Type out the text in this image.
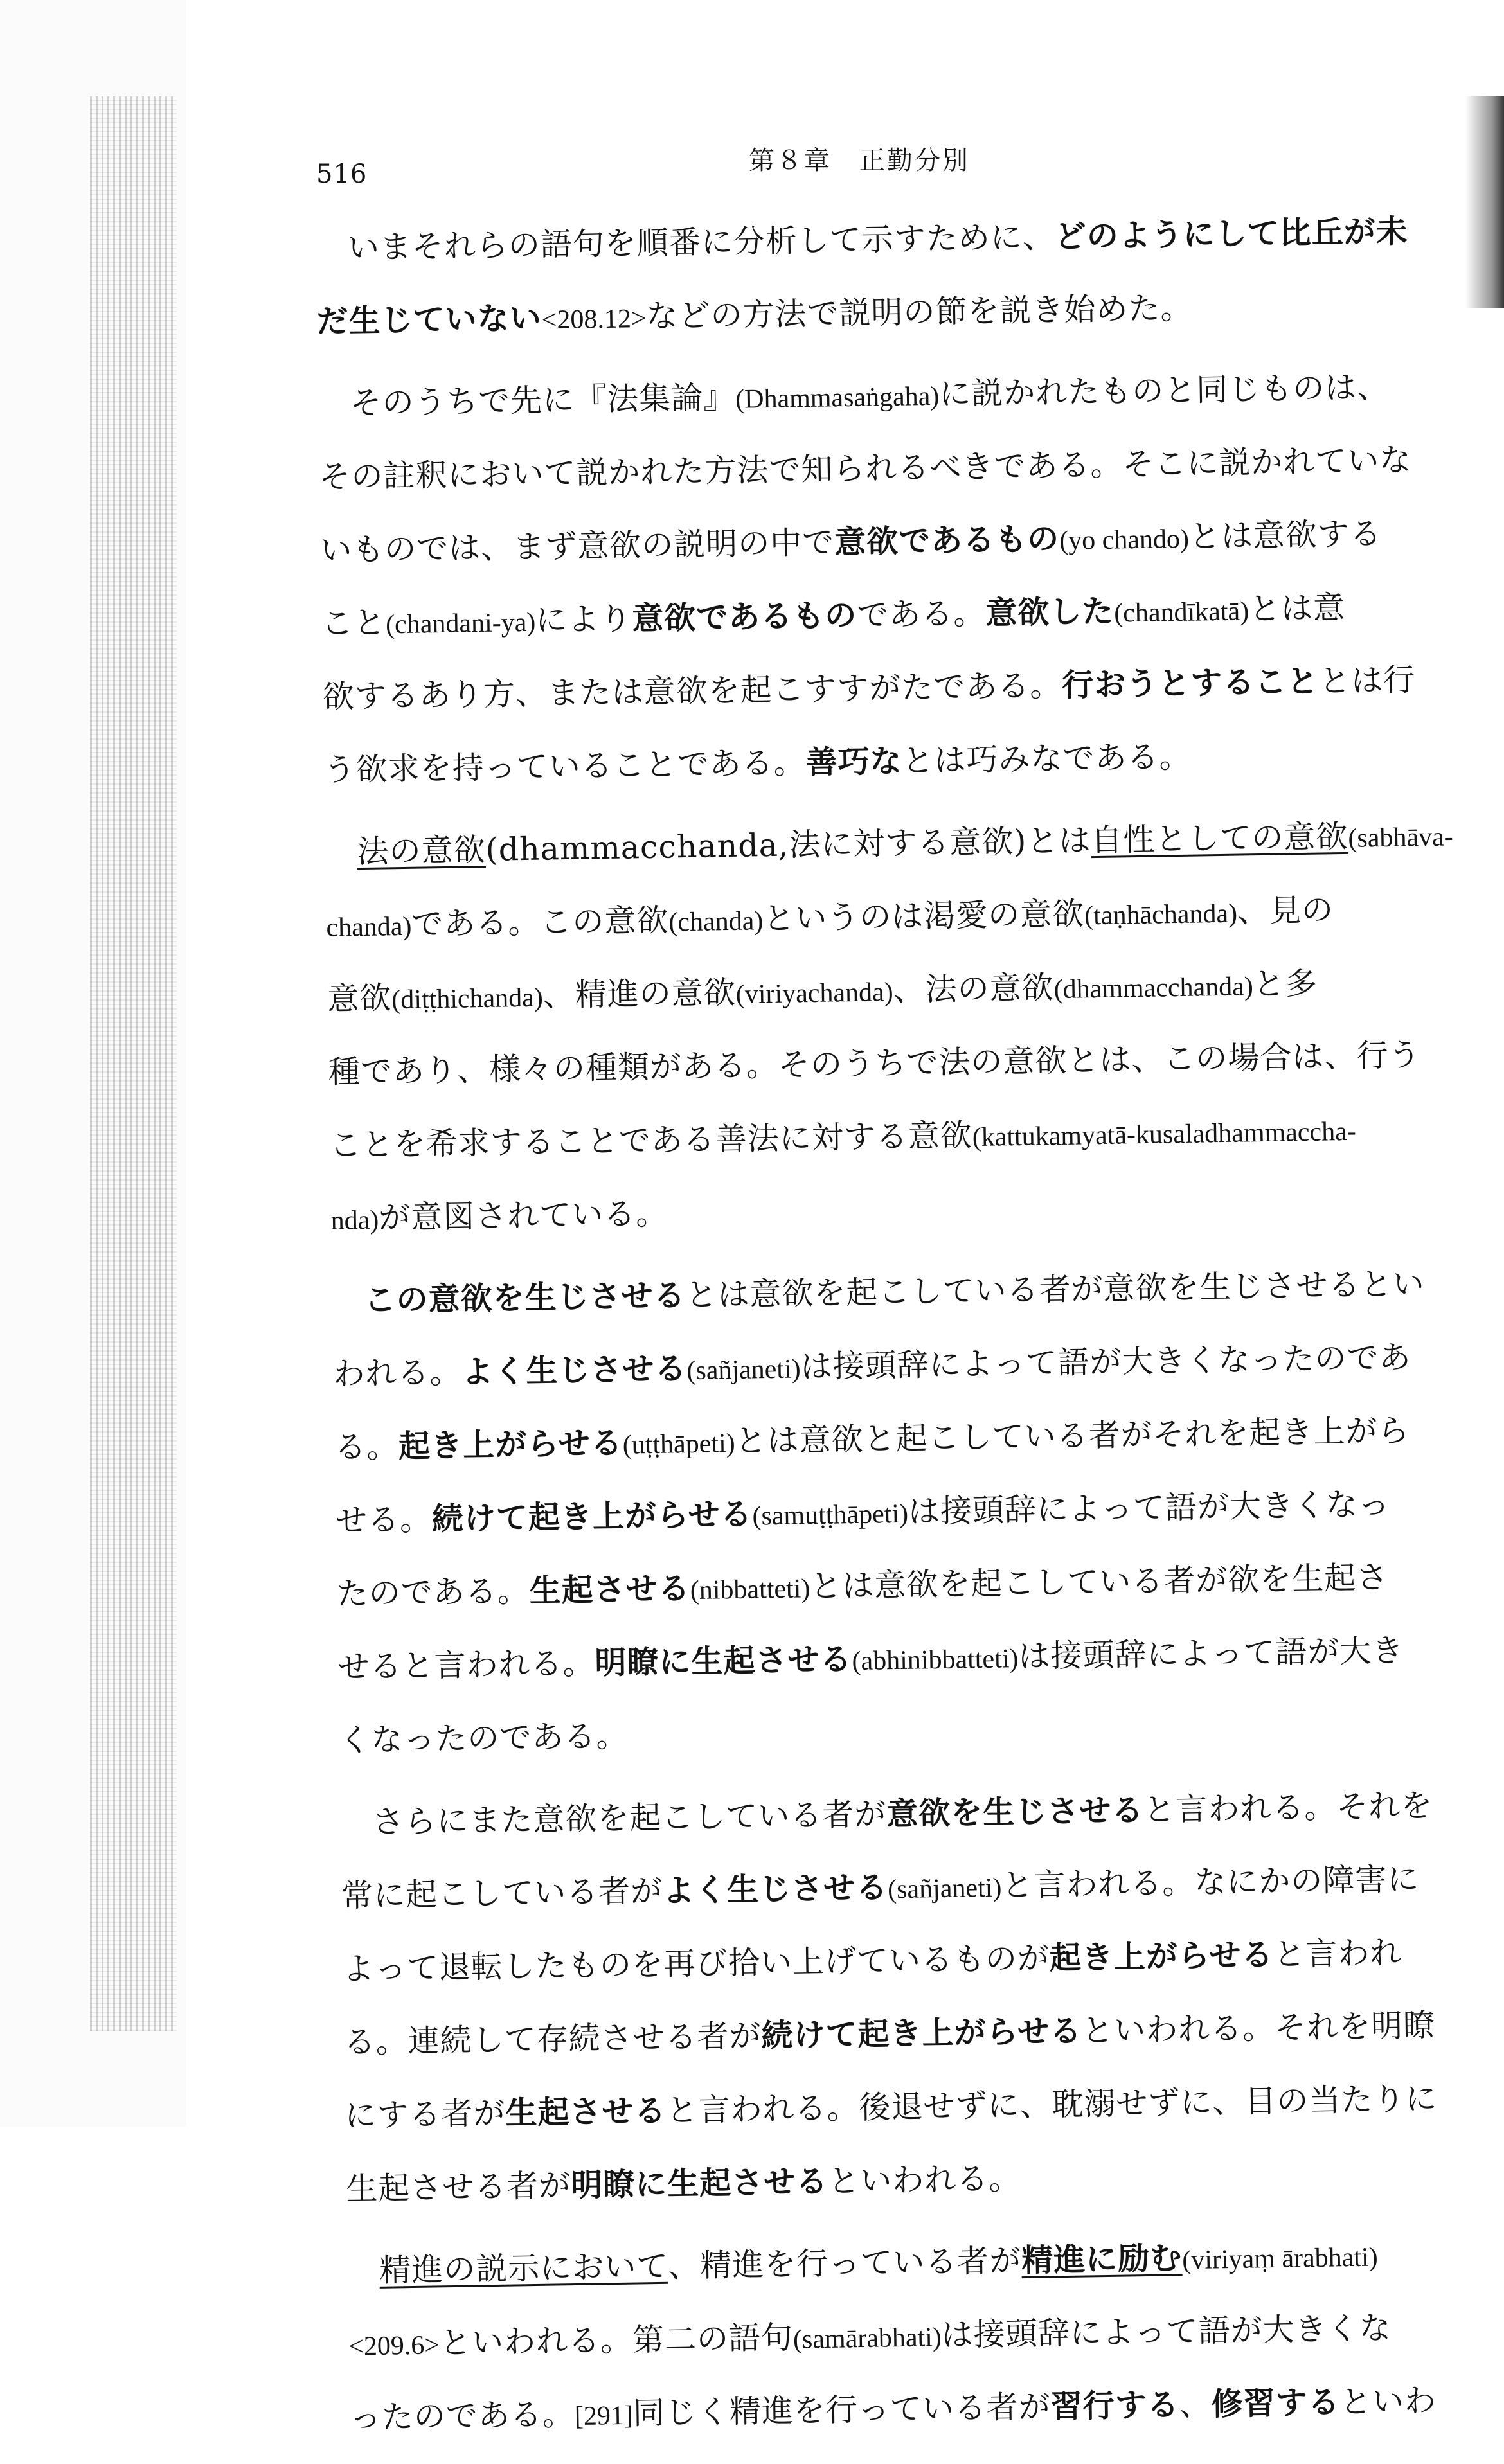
516	第８章　正勤分別
いまそれらの語句を順番に分析して示すために、どのようにして比丘が未
だ生じていない<208.12>などの方法で説明の節を説き始めた。
そのうちで先に『法集論』(Dhammasaṅgaha)に説かれたものと同じものは、
その註釈において説かれた方法で知られるべきである。そこに説かれていな
いものでは、まず意欲の説明の中で意欲であるもの(yo chando)とは意欲する
こと(chandani-ya)により意欲であるものである。意欲した(chandīkatā)とは意
欲するあり方、または意欲を起こすすがたである。行おうとすることとは行
う欲求を持っていることである。善巧なとは巧みなである。
法の意欲(dhammacchanda,法に対する意欲)とは自性としての意欲(sabhāva-
chanda)である。この意欲(chanda)というのは渇愛の意欲(taṇhāchanda)、見の
意欲(diṭṭhichanda)、精進の意欲(viriyachanda)、法の意欲(dhammacchanda)と多
種であり、様々の種類がある。そのうちで法の意欲とは、この場合は、行う
ことを希求することである善法に対する意欲(kattukamyatā-kusaladhammaccha-
nda)が意図されている。
この意欲を生じさせるとは意欲を起こしている者が意欲を生じさせるとい
われる。よく生じさせる(sañjaneti)は接頭辞によって語が大きくなったのであ
る。起き上がらせる(uṭṭhāpeti)とは意欲と起こしている者がそれを起き上がら
せる。続けて起き上がらせる(samuṭṭhāpeti)は接頭辞によって語が大きくなっ
たのである。生起させる(nibbatteti)とは意欲を起こしている者が欲を生起さ
せると言われる。明瞭に生起させる(abhinibbatteti)は接頭辞によって語が大き
くなったのである。
さらにまた意欲を起こしている者が意欲を生じさせると言われる。それを
常に起こしている者がよく生じさせる(sañjaneti)と言われる。なにかの障害に
よって退転したものを再び拾い上げているものが起き上がらせると言われ
る。連続して存続させる者が続けて起き上がらせるといわれる。それを明瞭
にする者が生起させると言われる。後退せずに、耽溺せずに、目の当たりに
生起させる者が明瞭に生起させるといわれる。
精進の説示において、精進を行っている者が精進に励む(viriyaṃ ārabhati)
<209.6>といわれる。第二の語句(samārabhati)は接頭辞によって語が大きくな
ったのである。[291]同じく精進を行っている者が習行する、修習するといわ
